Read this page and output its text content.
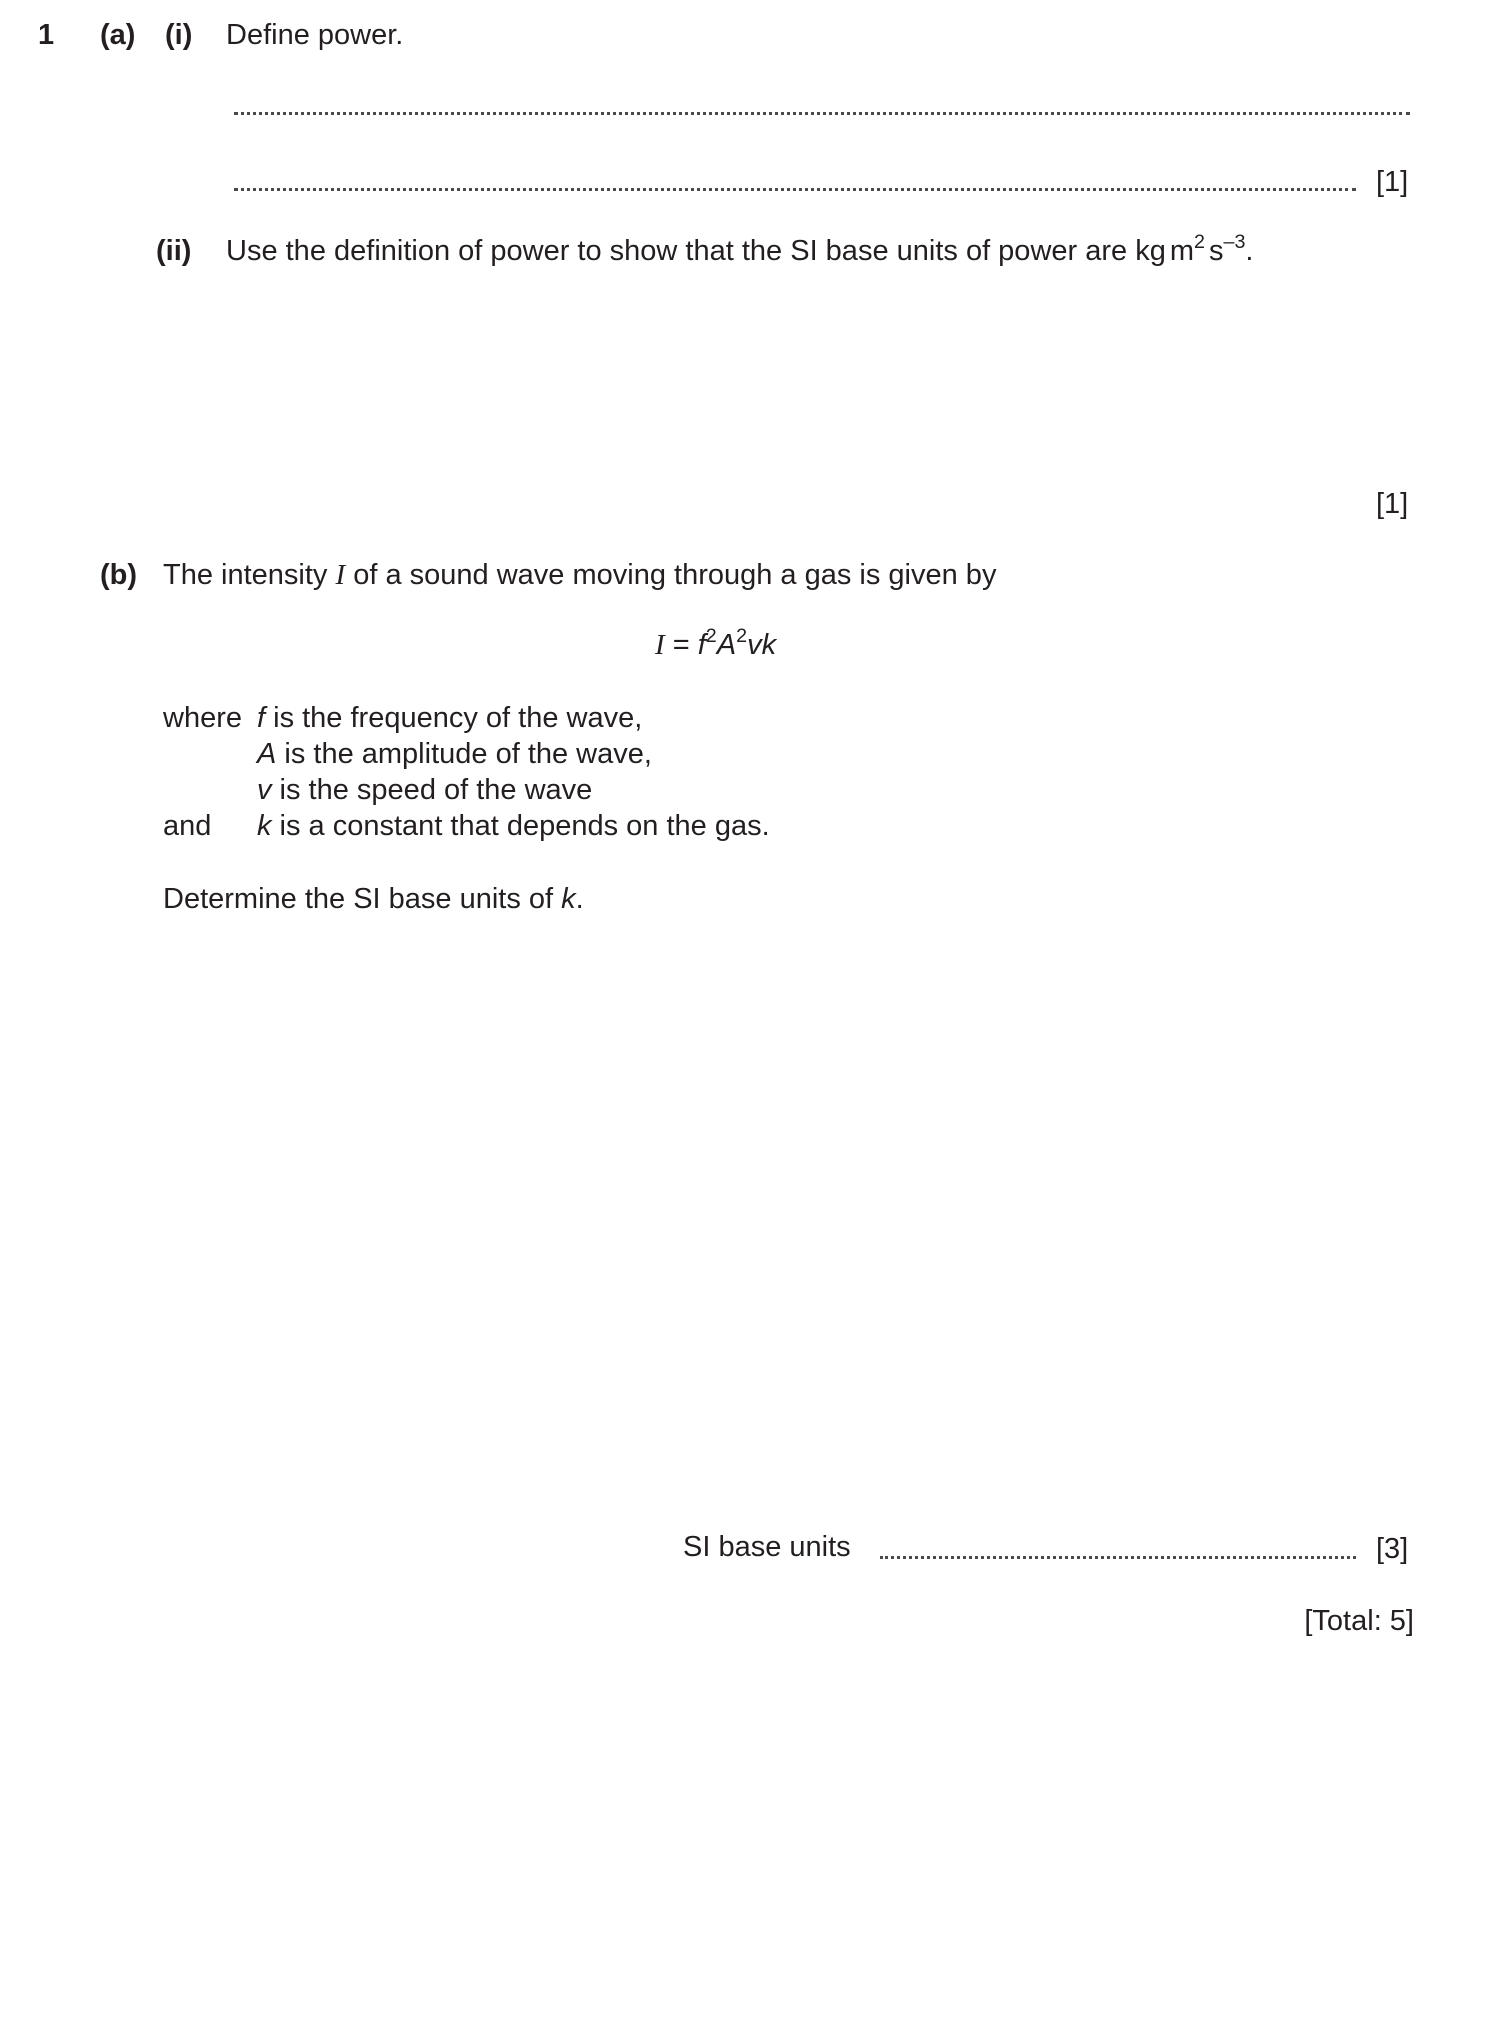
1 (a) (i) Define power.
[1]
(ii) Use the definition of power to show that the SI base units of power are kg $m^2$ $s^{-3}$.
[1]
(b) The intensity I of a sound wave moving through a gas is given by
$I = f^2A^2vk$
where f is the frequency of the wave,
A is the amplitude of the wave,
v is the speed of the wave
and k is a constant that depends on the gas.
Determine the SI base units of k.
SI base units	[3]
[Total: 5]
